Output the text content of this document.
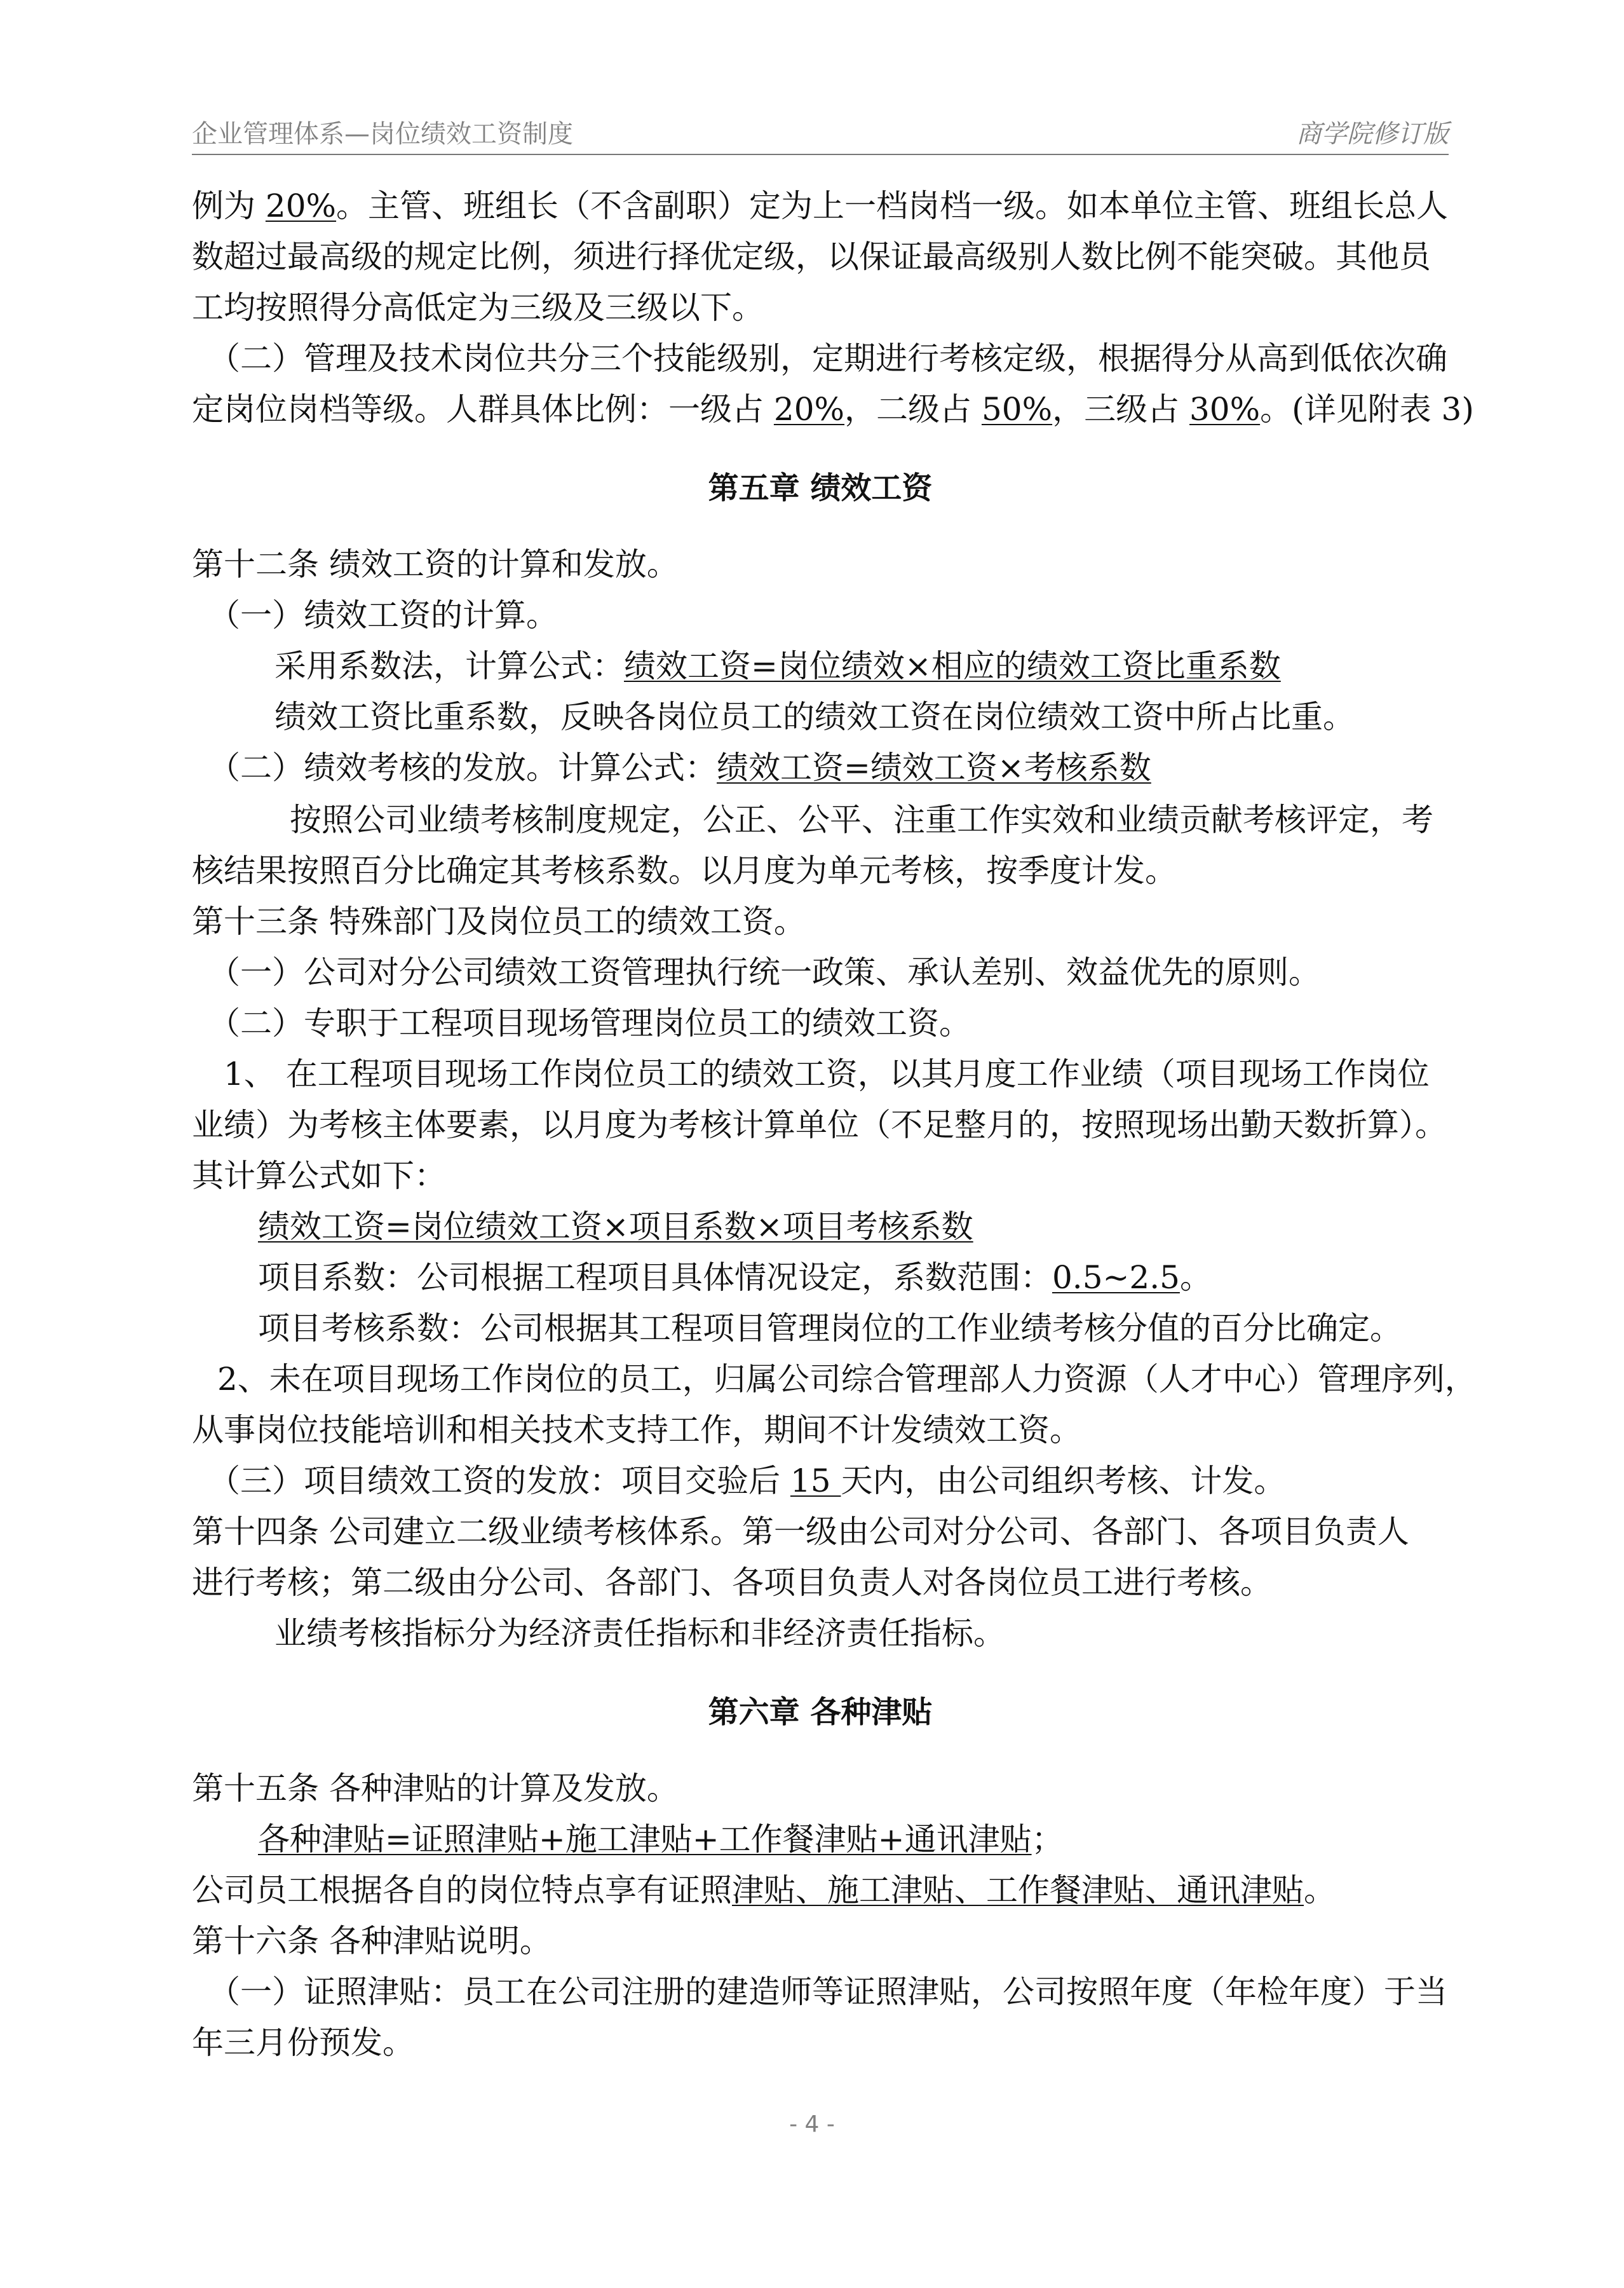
企业管理体系—岗位绩效工资制度	商学院修订版
例为 20%。主管、班组长（不含副职）定为上一档岗档一级。如本单位主管、班组长总人
数超过最高级的规定比例，须进行择优定级，以保证最高级别人数比例不能突破。其他员
工均按照得分高低定为三级及三级以下。
（二）管理及技术岗位共分三个技能级别，定期进行考核定级，根据得分从高到低依次确
定岗位岗档等级。人群具体比例：一级占 20%，二级占 50%，三级占 30%。(详见附表 3)
第五章 绩效工资
第十二条 绩效工资的计算和发放。
（一）绩效工资的计算。
采用系数法，计算公式：绩效工资=岗位绩效×相应的绩效工资比重系数
绩效工资比重系数，反映各岗位员工的绩效工资在岗位绩效工资中所占比重。
（二）绩效考核的发放。计算公式：绩效工资=绩效工资×考核系数
按照公司业绩考核制度规定，公正、公平、注重工作实效和业绩贡献考核评定，考
核结果按照百分比确定其考核系数。以月度为单元考核，按季度计发。
第十三条 特殊部门及岗位员工的绩效工资。
（一）公司对分公司绩效工资管理执行统一政策、承认差别、效益优先的原则。
（二）专职于工程项目现场管理岗位员工的绩效工资。
1、 在工程项目现场工作岗位员工的绩效工资，以其月度工作业绩（项目现场工作岗位
业绩）为考核主体要素，以月度为考核计算单位（不足整月的，按照现场出勤天数折算）。
其计算公式如下：
绩效工资=岗位绩效工资×项目系数×项目考核系数
项目系数：公司根据工程项目具体情况设定，系数范围：0.5~2.5。
项目考核系数：公司根据其工程项目管理岗位的工作业绩考核分值的百分比确定。
2、未在项目现场工作岗位的员工，归属公司综合管理部人力资源（人才中心）管理序列，
从事岗位技能培训和相关技术支持工作，期间不计发绩效工资。
（三）项目绩效工资的发放：项目交验后 15 天内，由公司组织考核、计发。
第十四条 公司建立二级业绩考核体系。第一级由公司对分公司、各部门、各项目负责人
进行考核；第二级由分公司、各部门、各项目负责人对各岗位员工进行考核。
业绩考核指标分为经济责任指标和非经济责任指标。
第六章 各种津贴
第十五条 各种津贴的计算及发放。
各种津贴=证照津贴+施工津贴+工作餐津贴+通讯津贴；
公司员工根据各自的岗位特点享有证照津贴、施工津贴、工作餐津贴、通讯津贴。
第十六条 各种津贴说明。
（一）证照津贴：员工在公司注册的建造师等证照津贴，公司按照年度（年检年度）于当
年三月份预发。
- 4 -
